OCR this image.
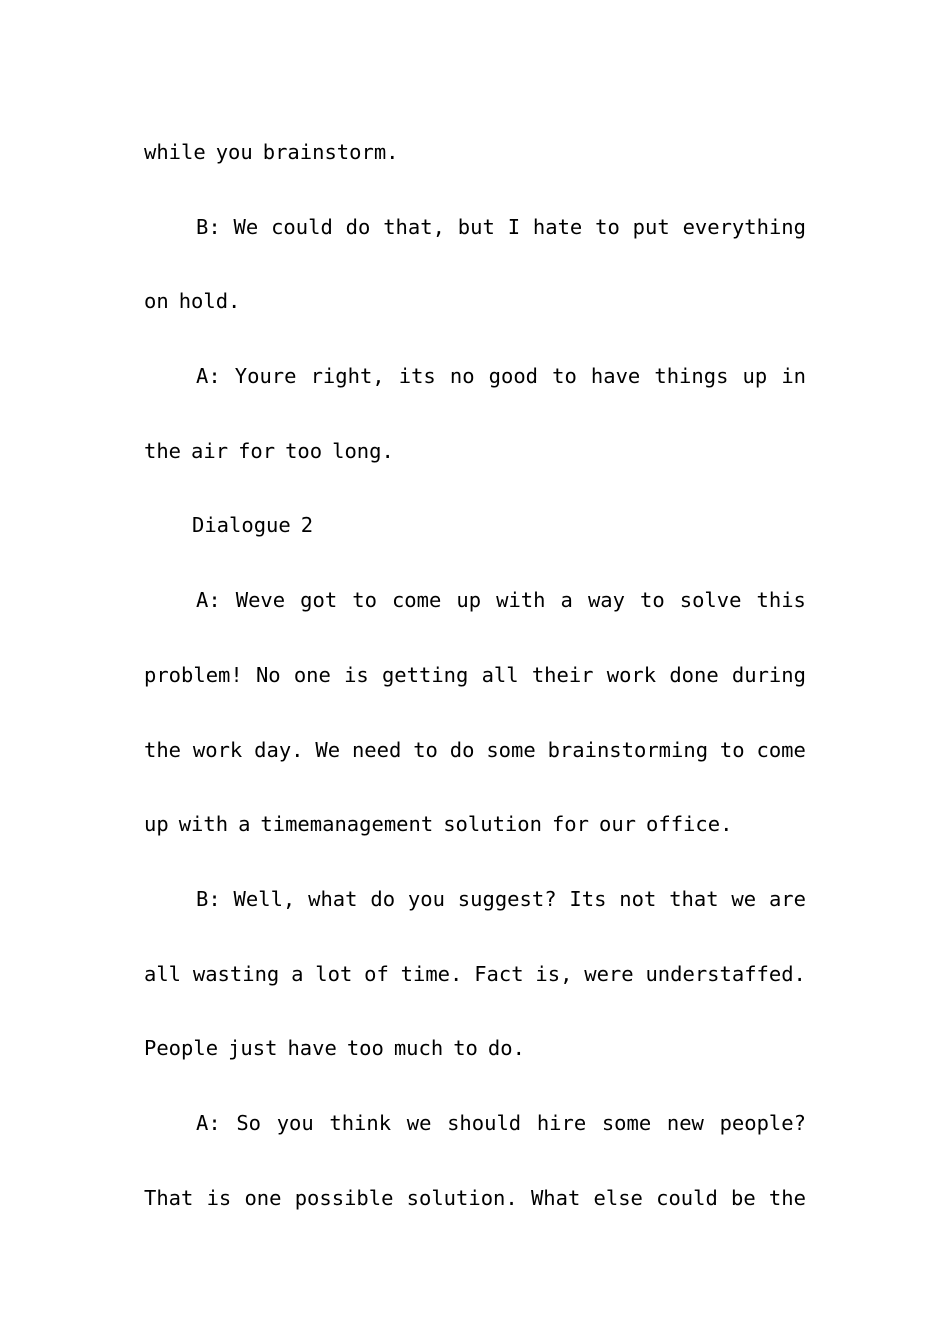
while you brainstorm.
B: We could do that, but I hate to put everything
on hold.
A: Youre right, its no good to have things up in
the air for too long.
Dialogue 2
A: Weve got to come up with a way to solve this
problem! No one is getting all their work done during
the work day. We need to do some brainstorming to come
up with a timemanagement solution for our office.
B: Well, what do you suggest? Its not that we are
all wasting a lot of time. Fact is, were understaffed.
People just have too much to do.
A: So you think we should hire some new people?
That is one possible solution. What else could be the
